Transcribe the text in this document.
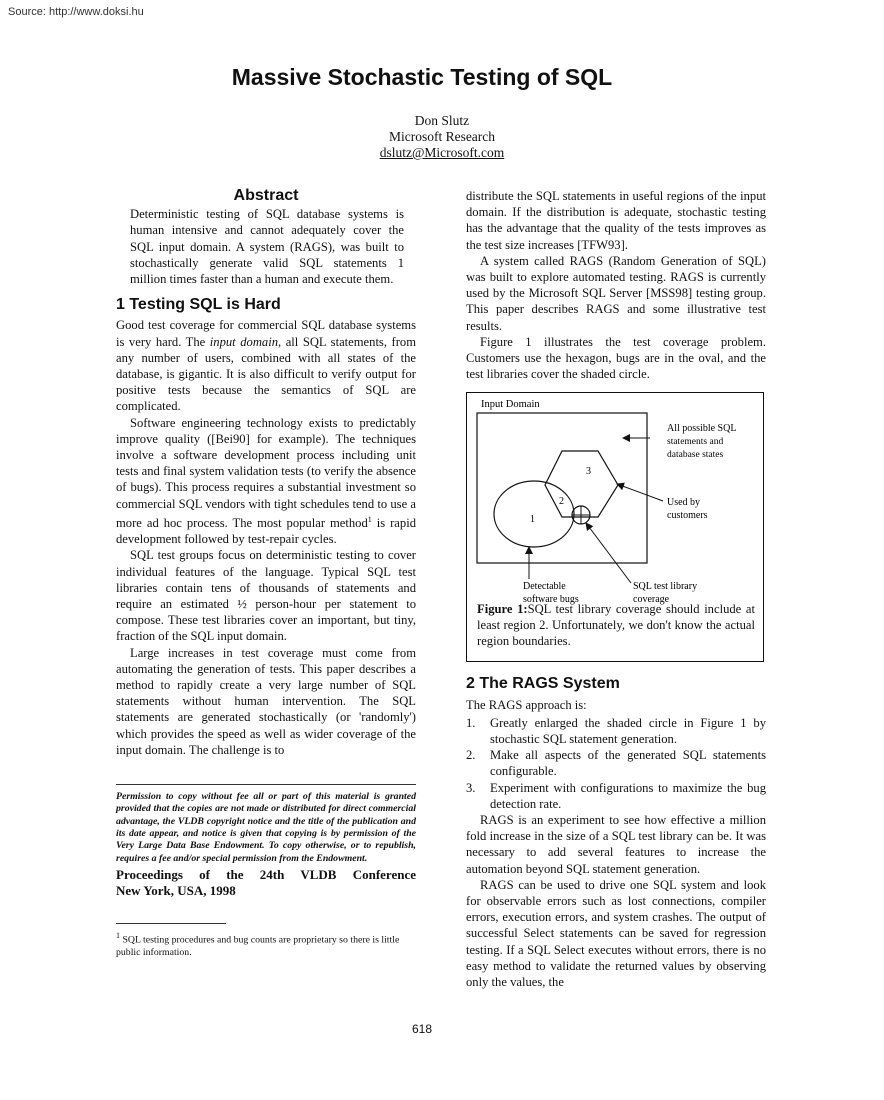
Source: http://www.doksi.hu
Massive Stochastic Testing of SQL
Don Slutz
Microsoft Research
dslutz@Microsoft.com
Abstract

Deterministic testing of SQL database systems is human intensive and cannot adequately cover the SQL input domain. A system (RAGS), was built to stochastically generate valid SQL statements 1 million times faster than a human and execute them.

1 Testing SQL is Hard

Good test coverage for commercial SQL database systems is very hard. The input domain, all SQL statements, from any number of users, combined with all states of the database, is gigantic. It is also difficult to verify output for positive tests because the semantics of SQL are complicated.

Software engineering technology exists to predictably improve quality ([Bei90] for example). The techniques involve a software development process including unit tests and final system validation tests (to verify the absence of bugs). This process requires a substantial investment so commercial SQL vendors with tight schedules tend to use a more ad hoc process. The most popular method$^1$ is rapid development followed by test-repair cycles.

SQL test groups focus on deterministic testing to cover individual features of the language. Typical SQL test libraries contain tens of thousands of statements and require an estimated ½ person-hour per statement to compose. These test libraries cover an important, but tiny, fraction of the SQL input domain.

Large increases in test coverage must come from automating the generation of tests. This paper describes a method to rapidly create a very large number of SQL statements without human intervention. The SQL statements are generated stochastically (or 'randomly') which provides the speed as well as wider coverage of the input domain. The challenge is to

Permission to copy without fee all or part of this material is granted provided that the copies are not made or distributed for direct commercial advantage, the VLDB copyright notice and the title of the publication and its date appear, and notice is given that copying is by permission of the Very Large Data Base Endowment. To copy otherwise, or to republish, requires a fee and/or special permission from the Endowment.
Proceedings of the 24th VLDB Conference
New York, USA, 1998
$^1$ SQL testing procedures and bug counts are proprietary so there is little public information.

distribute the SQL statements in useful regions of the input domain. If the distribution is adequate, stochastic testing has the advantage that the quality of the tests improves as the test size increases [TFW93].

A system called RAGS (Random Generation of SQL) was built to explore automated testing. RAGS is currently used by the Microsoft SQL Server [MSS98] testing group. This paper describes RAGS and some illustrative test results.

Figure 1 illustrates the test coverage problem. Customers use the hexagon, bugs are in the oval, and the test libraries cover the shaded circle.

Input Domain
3
2
1
All possible SQL
statements and
database states
Used by
customers
Detectable
software bugs
SQL test library
coverage
Figure 1:SQL test library coverage should include at least region 2. Unfortunately, we don't know the actual region boundaries.
2 The RAGS System

The RAGS approach is:

1. Greatly enlarged the shaded circle in Figure 1 by stochastic SQL statement generation.
2. Make all aspects of the generated SQL statements configurable.
3. Experiment with configurations to maximize the bug detection rate.

RAGS is an experiment to see how effective a million fold increase in the size of a SQL test library can be. It was necessary to add several features to increase the automation beyond SQL statement generation.

RAGS can be used to drive one SQL system and look for observable errors such as lost connections, compiler errors, execution errors, and system crashes. The output of successful Select statements can be saved for regression testing. If a SQL Select executes without errors, there is no easy method to validate the returned values by observing only the values, the

618
